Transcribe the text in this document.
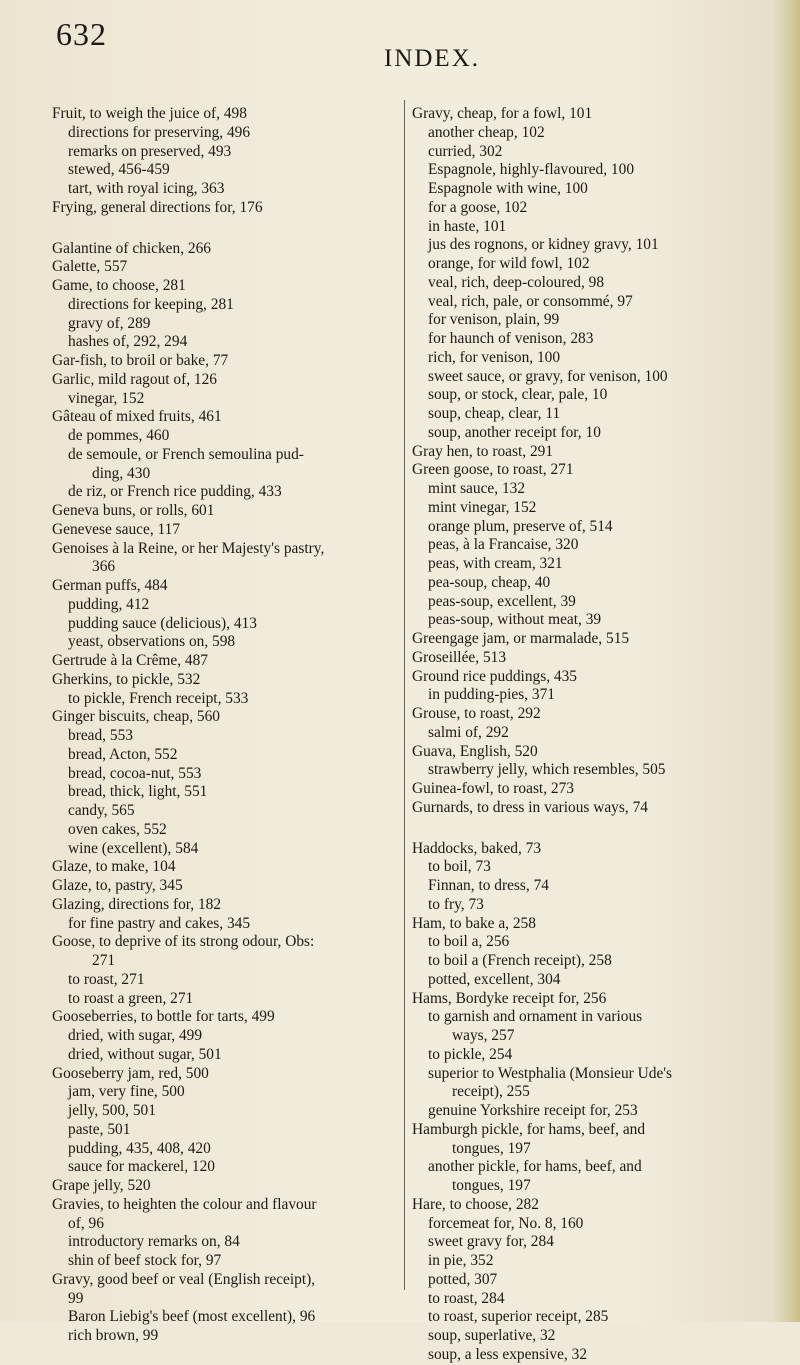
632
INDEX.
Fruit, to weigh the juice of, 498
directions for preserving, 496
remarks on preserved, 493
stewed, 456-459
tart, with royal icing, 363
Frying, general directions for, 176
Galantine of chicken, 266
Galette, 557
Game, to choose, 281
directions for keeping, 281
gravy of, 289
hashes of, 292, 294
Gar-fish, to broil or bake, 77
Garlic, mild ragout of, 126
vinegar, 152
Gâteau of mixed fruits, 461
de pommes, 460
de semoule, or French semoulina pud-
ding, 430
de riz, or French rice pudding, 433
Geneva buns, or rolls, 601
Genevese sauce, 117
Genoises à la Reine, or her Majesty's pastry,
366
German puffs, 484
pudding, 412
pudding sauce (delicious), 413
yeast, observations on, 598
Gertrude à la Crême, 487
Gherkins, to pickle, 532
to pickle, French receipt, 533
Ginger biscuits, cheap, 560
bread, 553
bread, Acton, 552
bread, cocoa-nut, 553
bread, thick, light, 551
candy, 565
oven cakes, 552
wine (excellent), 584
Glaze, to make, 104
Glaze, to, pastry, 345
Glazing, directions for, 182
for fine pastry and cakes, 345
Goose, to deprive of its strong odour, Obs:
271
to roast, 271
to roast a green, 271
Gooseberries, to bottle for tarts, 499
dried, with sugar, 499
dried, without sugar, 501
Gooseberry jam, red, 500
jam, very fine, 500
jelly, 500, 501
paste, 501
pudding, 435, 408, 420
sauce for mackerel, 120
Grape jelly, 520
Gravies, to heighten the colour and flavour
of, 96
introductory remarks on, 84
shin of beef stock for, 97
Gravy, good beef or veal (English receipt),
99
Baron Liebig's beef (most excellent), 96
rich brown, 99
Gravy, cheap, for a fowl, 101
another cheap, 102
curried, 302
Espagnole, highly-flavoured, 100
Espagnole with wine, 100
for a goose, 102
in haste, 101
jus des rognons, or kidney gravy, 101
orange, for wild fowl, 102
veal, rich, deep-coloured, 98
veal, rich, pale, or consommé, 97
for venison, plain, 99
for haunch of venison, 283
rich, for venison, 100
sweet sauce, or gravy, for venison, 100
soup, or stock, clear, pale, 10
soup, cheap, clear, 11
soup, another receipt for, 10
Gray hen, to roast, 291
Green goose, to roast, 271
mint sauce, 132
mint vinegar, 152
orange plum, preserve of, 514
peas, à la Francaise, 320
peas, with cream, 321
pea-soup, cheap, 40
peas-soup, excellent, 39
peas-soup, without meat, 39
Greengage jam, or marmalade, 515
Groseillée, 513
Ground rice puddings, 435
in pudding-pies, 371
Grouse, to roast, 292
salmi of, 292
Guava, English, 520
strawberry jelly, which resembles, 505
Guinea-fowl, to roast, 273
Gurnards, to dress in various ways, 74
Haddocks, baked, 73
to boil, 73
Finnan, to dress, 74
to fry, 73
Ham, to bake a, 258
to boil a, 256
to boil a (French receipt), 258
potted, excellent, 304
Hams, Bordyke receipt for, 256
to garnish and ornament in various
ways, 257
to pickle, 254
superior to Westphalia (Monsieur Ude's
receipt), 255
genuine Yorkshire receipt for, 253
Hamburgh pickle, for hams, beef, and
tongues, 197
another pickle, for hams, beef, and
tongues, 197
Hare, to choose, 282
forcemeat for, No. 8, 160
sweet gravy for, 284
in pie, 352
potted, 307
to roast, 284
to roast, superior receipt, 285
soup, superlative, 32
soup, a less expensive, 32
